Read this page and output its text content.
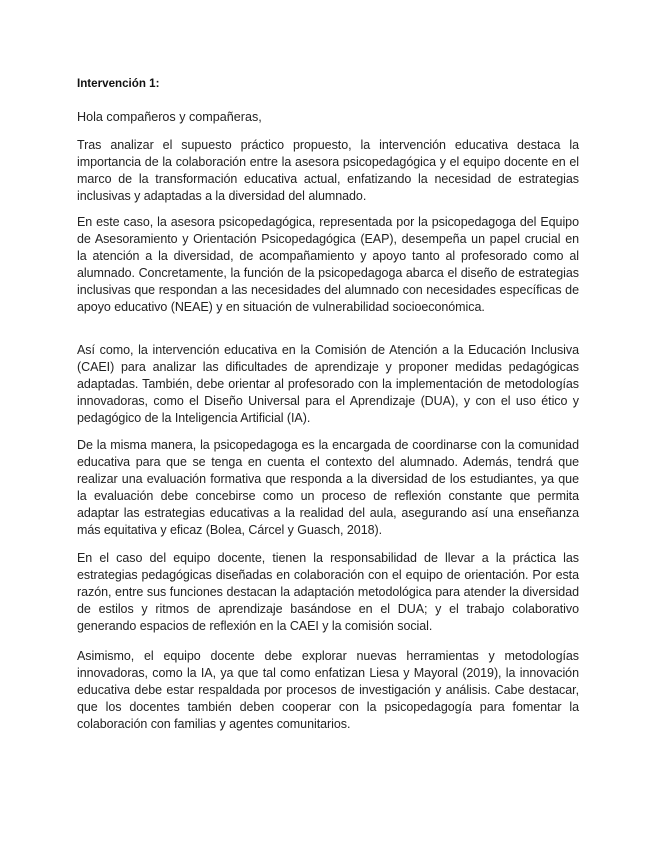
Intervención 1:
Hola compañeros y compañeras,

Tras analizar el supuesto práctico propuesto, la intervención educativa destaca la importancia de la colaboración entre la asesora psicopedagógica y el equipo docente en el marco de la transformación educativa actual, enfatizando la necesidad de estrategias inclusivas y adaptadas a la diversidad del alumnado.

En este caso, la asesora psicopedagógica, representada por la psicopedagoga del Equipo de Asesoramiento y Orientación Psicopedagógica (EAP), desempeña un papel crucial en la atención a la diversidad, de acompañamiento y apoyo tanto al profesorado como al alumnado. Concretamente, la función de la psicopedagoga abarca el diseño de estrategias inclusivas que respondan a las necesidades del alumnado con necesidades específicas de apoyo educativo (NEAE) y en situación de vulnerabilidad socioeconómica.

Así como, la intervención educativa en la Comisión de Atención a la Educación Inclusiva (CAEI) para analizar las dificultades de aprendizaje y proponer medidas pedagógicas adaptadas. También, debe orientar al profesorado con la implementación de metodologías innovadoras, como el Diseño Universal para el Aprendizaje (DUA), y con el uso ético y pedagógico de la Inteligencia Artificial (IA).

De la misma manera, la psicopedagoga es la encargada de coordinarse con la comunidad educativa para que se tenga en cuenta el contexto del alumnado. Además, tendrá que realizar una evaluación formativa que responda a la diversidad de los estudiantes, ya que la evaluación debe concebirse como un proceso de reflexión constante que permita adaptar las estrategias educativas a la realidad del aula, asegurando así una enseñanza más equitativa y eficaz (Bolea, Cárcel y Guasch, 2018).

En el caso del equipo docente, tienen la responsabilidad de llevar a la práctica las estrategias pedagógicas diseñadas en colaboración con el equipo de orientación. Por esta razón, entre sus funciones destacan la adaptación metodológica para atender la diversidad de estilos y ritmos de aprendizaje basándose en el DUA; y el trabajo colaborativo generando espacios de reflexión en la CAEI y la comisión social.

Asimismo, el equipo docente debe explorar nuevas herramientas y metodologías innovadoras, como la IA, ya que tal como enfatizan Liesa y Mayoral (2019), la innovación educativa debe estar respaldada por procesos de investigación y análisis. Cabe destacar, que los docentes también deben cooperar con la psicopedagogía para fomentar la colaboración con familias y agentes comunitarios.
